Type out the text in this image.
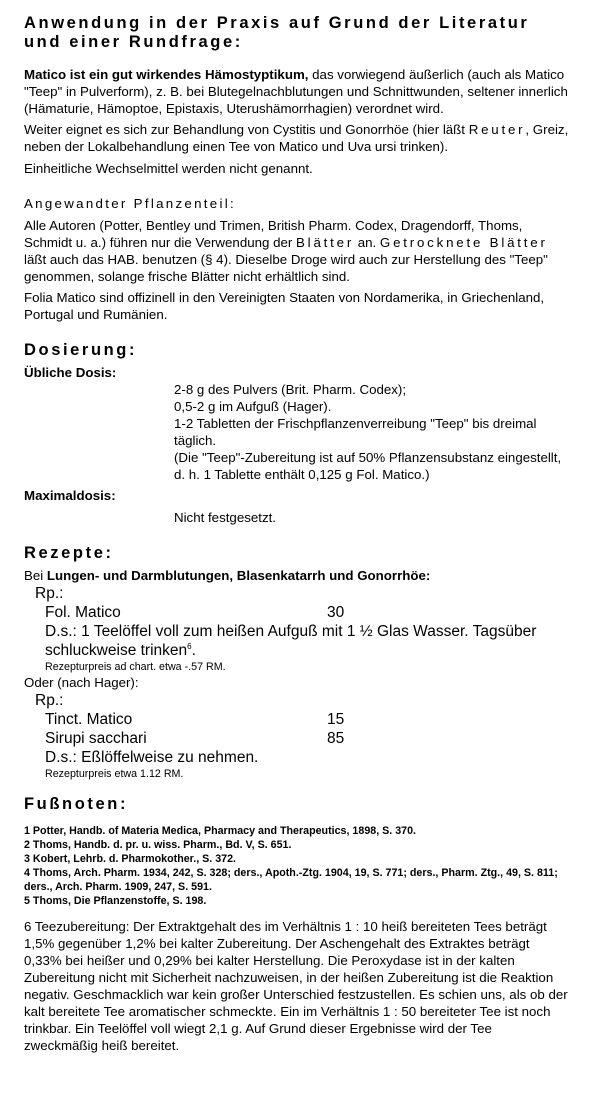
Anwendung in der Praxis auf Grund der Literatur
und einer Rundfrage:

Matico ist ein gut wirkendes Hämostyptikum, das vorwiegend äußerlich (auch als Matico "Teep" in Pulverform), z. B. bei Blutegelnachblutungen und Schnittwunden, seltener innerlich (Hämaturie, Hämoptoe, Epistaxis, Uterushämorrhagien) verordnet wird.

Weiter eignet es sich zur Behandlung von Cystitis und Gonorrhöe (hier läßt Reuter, Greiz, neben der Lokalbehandlung einen Tee von Matico und Uva ursi trinken).

Einheitliche Wechselmittel werden nicht genannt.

Angewandter Pflanzenteil:

Alle Autoren (Potter, Bentley und Trimen, British Pharm. Codex, Dragendorff, Thoms, Schmidt u. a.) führen nur die Verwendung der Blätter an. Getrocknete Blätter läßt auch das HAB. benutzen (§ 4). Dieselbe Droge wird auch zur Herstellung des "Teep" genommen, solange frische Blätter nicht erhältlich sind.

Folia Matico sind offizinell in den Vereinigten Staaten von Nordamerika, in Griechenland, Portugal und Rumänien.

Dosierung:

Übliche Dosis:

2-8 g des Pulvers (Brit. Pharm. Codex);

0,5-2 g im Aufguß (Hager).

1-2 Tabletten der Frischpflanzenverreibung "Teep" bis dreimal täglich.

(Die "Teep"-Zubereitung ist auf 50% Pflanzensubstanz eingestellt, d. h. 1 Tablette enthält 0,125 g Fol. Matico.)

Maximaldosis:

Nicht festgesetzt.

Rezepte:

Bei Lungen- und Darmblutungen, Blasenkatarrh und Gonorrhöe:

Rp.:

Fol. Matico	30

D.s.: 1 Teelöffel voll zum heißen Aufguß mit 1 ½ Glas Wasser. Tagsüber schluckweise trinken$^6$.

Rezepturpreis ad chart. etwa -.57 RM.

Oder (nach Hager):

Rp.:

Tinct. Matico	15
Sirupi sacchari	85

D.s.: Eßlöffelweise zu nehmen.

Rezepturpreis etwa 1.12 RM.

Fußnoten:

1 Potter, Handb. of Materia Medica, Pharmacy and Therapeutics, 1898, S. 370.

2 Thoms, Handb. d. pr. u. wiss. Pharm., Bd. V, S. 651.

3 Kobert, Lehrb. d. Pharmokother., S. 372.

4 Thoms, Arch. Pharm. 1934, 242, S. 328; ders., Apoth.-Ztg. 1904, 19, S. 771; ders., Pharm. Ztg., 49, S. 811; ders., Arch. Pharm. 1909, 247, S. 591.

5 Thoms, Die Pflanzenstoffe, S. 198.

6 Teezubereitung: Der Extraktgehalt des im Verhältnis 1 : 10 heiß bereiteten Tees beträgt 1,5% gegenüber 1,2% bei kalter Zubereitung. Der Aschengehalt des Extraktes beträgt 0,33% bei heißer und 0,29% bei kalter Herstellung. Die Peroxydase ist in der kalten Zubereitung nicht mit Sicherheit nachzuweisen, in der heißen Zubereitung ist die Reaktion negativ. Geschmacklich war kein großer Unterschied festzustellen. Es schien uns, als ob der kalt bereitete Tee aromatischer schmeckte. Ein im Verhältnis 1 : 50 bereiteter Tee ist noch trinkbar. Ein Teelöffel voll wiegt 2,1 g. Auf Grund dieser Ergebnisse wird der Tee zweckmäßig heiß bereitet.
